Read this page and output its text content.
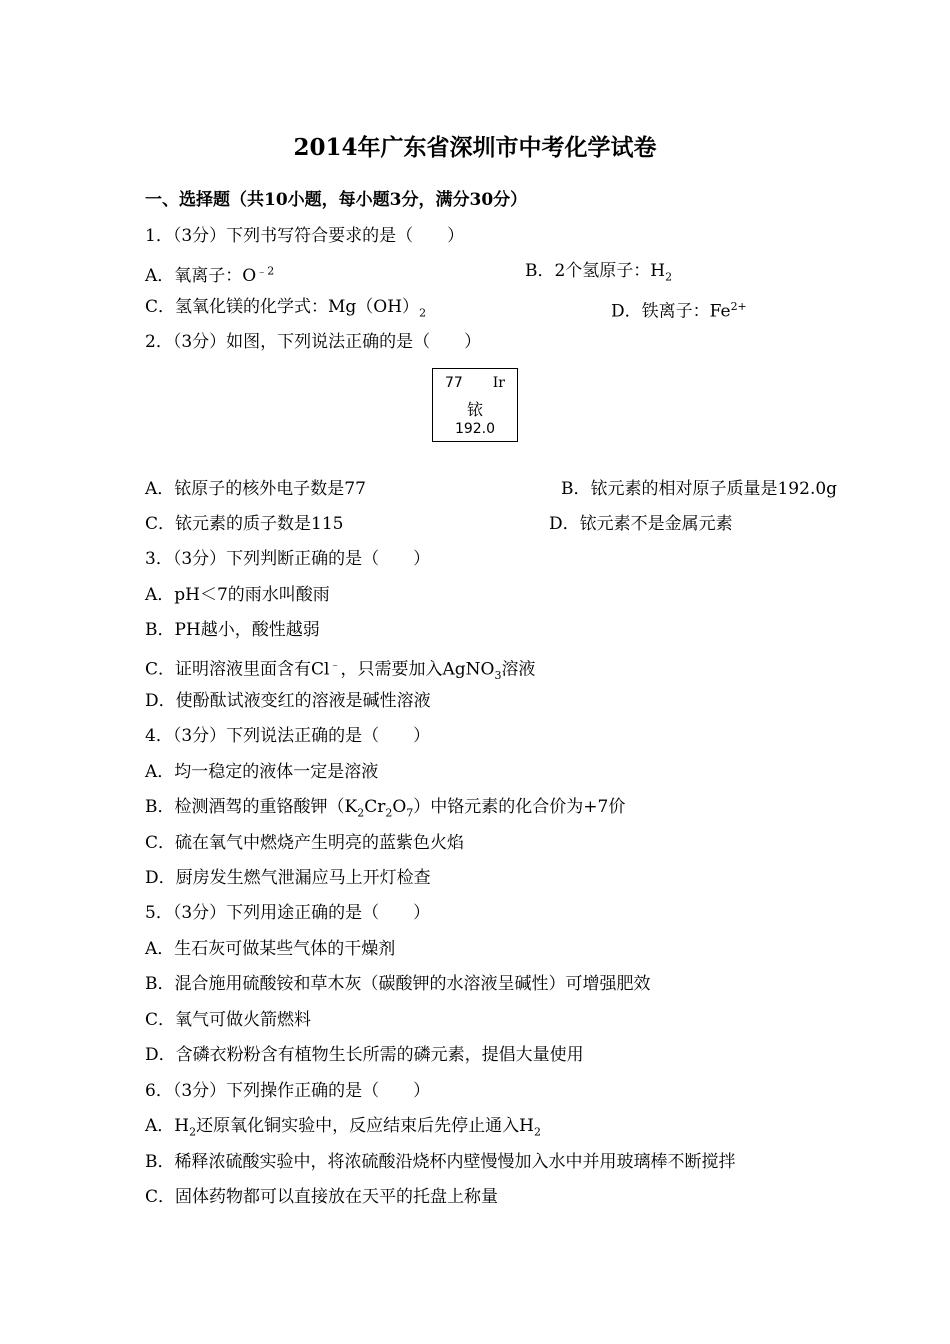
2014年广东省深圳市中考化学试卷
一、选择题（共10小题，每小题3分，满分30分）
1．（3分）下列书写符合要求的是（　　）
A．氧离子：$O^{﹣2}$	B．2个氢原子：$H_2$
C．氢氧化镁的化学式：$Mg(OH)_2$	D．铁离子：$Fe^{2+}$
2．（3分）如图，下列说法正确的是（　　）
77 Ir
铱
192.0
A．铱原子的核外电子数是77	B．铱元素的相对原子质量是192.0g
C．铱元素的质子数是115	D．铱元素不是金属元素
3．（3分）下列判断正确的是（　　）
A．pH＜7的雨水叫酸雨
B．PH越小，酸性越弱
C．证明溶液里面含有Cl﹣，只需要加入AgNO$_3$溶液
D．使酚酞试液变红的溶液是碱性溶液
4．（3分）下列说法正确的是（　　）
A．均一稳定的液体一定是溶液
B．检测酒驾的重铬酸钾$(K_2Cr_2O_7)$中铬元素的化合价为+7价
C．硫在氧气中燃烧产生明亮的蓝紫色火焰
D．厨房发生燃气泄漏应马上开灯检查
5．（3分）下列用途正确的是（　　）
A．生石灰可做某些气体的干燥剂
B．混合施用硫酸铵和草木灰（碳酸钾的水溶液呈碱性）可增强肥效
C．氧气可做火箭燃料
D．含磷衣粉粉含有植物生长所需的磷元素，提倡大量使用
6．（3分）下列操作正确的是（　　）
A．$H_2$还原氧化铜实验中，反应结束后先停止通入$H_2$
B．稀释浓硫酸实验中，将浓硫酸沿烧杯内壁慢慢加入水中并用玻璃棒不断搅拌
C．固体药物都可以直接放在天平的托盘上称量
